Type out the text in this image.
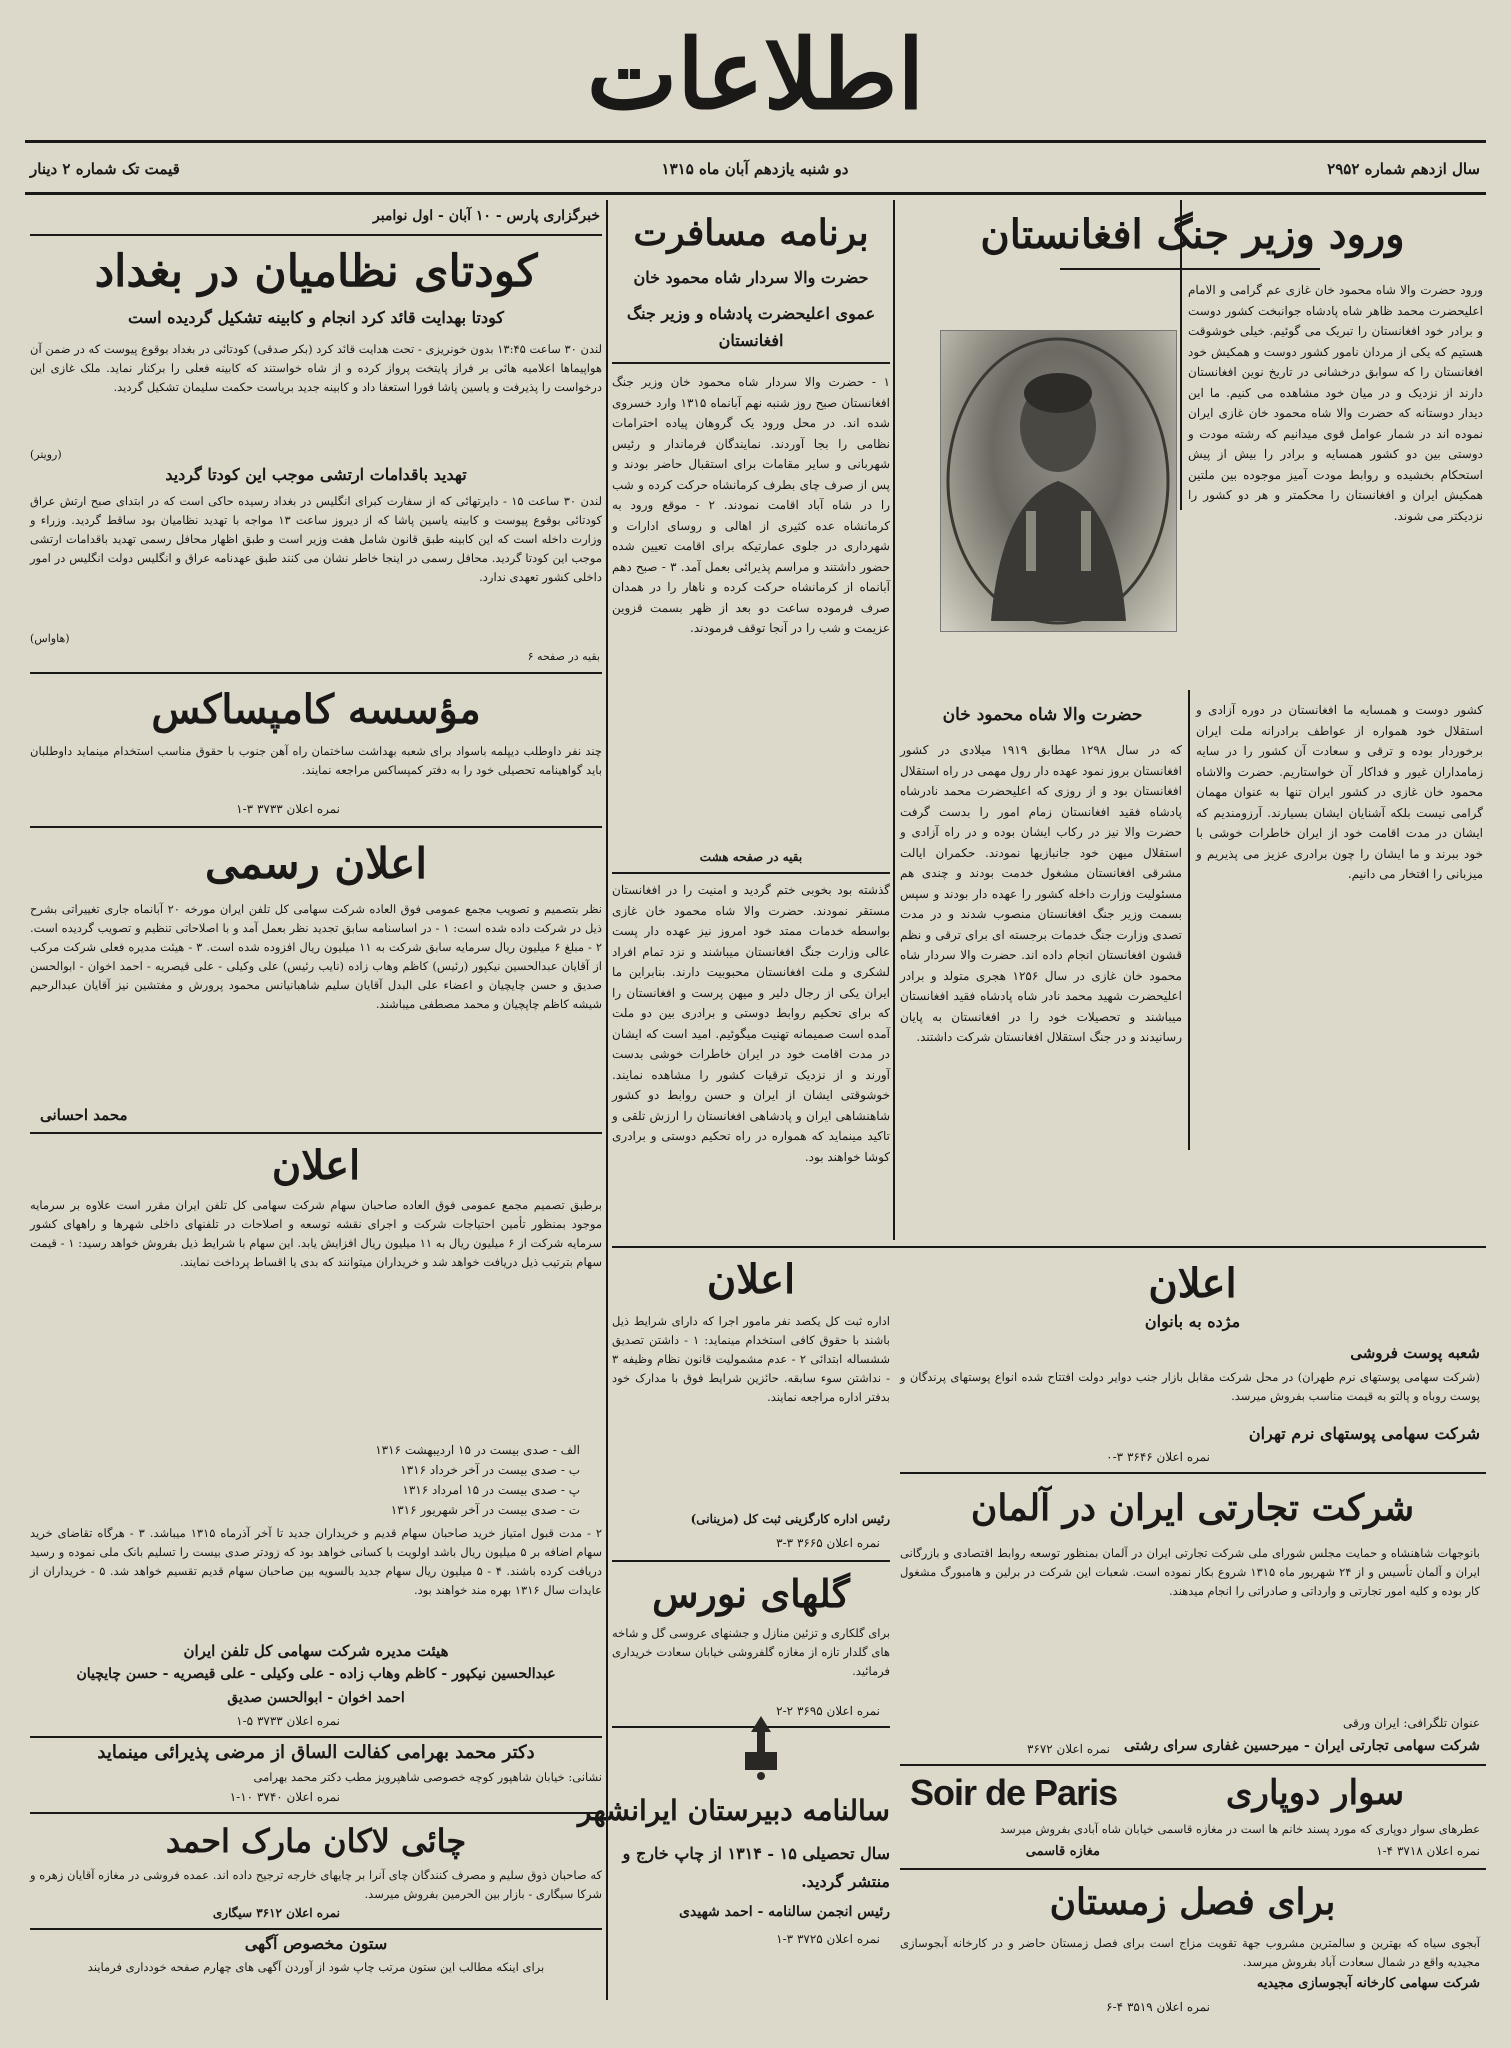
اطلاعات
سال ازدهم شماره ۲۹۵۲
دو شنبه یازدهم آبان ماه ۱۳۱۵
قیمت تک شماره ۲ دینار
ورود وزیر جنگ افغانستان
ورود حضرت والا شاه محمود خان غازی عم گرامی و الامام اعلیحضرت محمد ظاهر شاه پادشاه جوانبخت کشور دوست و برادر خود افغانستان را تبریک می گوئیم. خیلی خوشوقت هستیم که یکی از مردان نامور کشور دوست و همکیش خود افغانستان را که سوابق درخشانی در تاریخ نوین افغانستان دارند از نزدیک و در میان خود مشاهده می کنیم. ما این دیدار دوستانه که حضرت والا شاه محمود خان غازی ایران نموده اند در شمار عوامل قوی میدانیم که رشته مودت و دوستی بین دو کشور همسایه و برادر را بیش از پیش استحکام بخشیده و روابط مودت آمیز موجوده بین ملتین همکیش ایران و افغانستان را محکمتر و هر دو کشور را نزدیکتر می شوند.
حضرت والا شاه محمود خان	کشور دوست و همسایه ما افغانستان در دوره آزادی و استقلال خود همواره از عواطف برادرانه ملت ایران برخوردار بوده و ترقی و سعادت آن کشور را در سایه زمامداران غیور و فداکار آن خواستاریم. حضرت والاشاه محمود خان غازی در کشور ایران تنها به عنوان مهمان گرامی نیست بلکه آشنایان ایشان بسیارند. آرزومندیم که ایشان در مدت اقامت خود از ایران خاطرات خوشی با خود ببرند و ما ایشان را چون برادری عزیز می پذیریم و میزبانی را افتخار می دانیم.
که در سال ۱۲۹۸ مطابق ۱۹۱۹ میلادی در کشور افغانستان بروز نمود عهده دار رول مهمی در راه استقلال افغانستان بود و از روزی که اعلیحضرت محمد نادرشاه پادشاه فقید افغانستان زمام امور را بدست گرفت حضرت والا نیز در رکاب ایشان بوده و در راه آزادی و استقلال میهن خود جانبازیها نمودند. حکمران ایالت مشرقی افغانستان مشغول خدمت بودند و چندی هم مسئولیت وزارت داخله کشور را عهده دار بودند و سپس بسمت وزیر جنگ افغانستان منصوب شدند و در مدت تصدی وزارت جنگ خدمات برجسته ای برای ترقی و نظم قشون افغانستان انجام داده اند. حضرت والا سردار شاه محمود خان غازی در سال ۱۲۵۶ هجری متولد و برادر اعلیحضرت شهید محمد نادر شاه پادشاه فقید افغانستان میباشند و تحصیلات خود را در افغانستان به پایان رسانیدند و در جنگ استقلال افغانستان شرکت داشتند.
برنامه مسافرت
حضرت والا سردار شاه محمود خان
عموی اعلیحضرت پادشاه و وزیر جنگ افغانستان
۱ - حضرت والا سردار شاه محمود خان وزیر جنگ افغانستان صبح روز شنبه نهم آبانماه ۱۳۱۵ وارد خسروی شده اند. در محل ورود یک گروهان پیاده احترامات نظامی را بجا آوردند. نمایندگان فرماندار و رئیس شهربانی و سایر مقامات برای استقبال حاضر بودند و پس از صرف چای بطرف کرمانشاه حرکت کرده و شب را در شاه آباد اقامت نمودند. ۲ - موقع ورود به کرمانشاه عده کثیری از اهالی و روسای ادارات و شهرداری در جلوی عمارتیکه برای اقامت تعیین شده حضور داشتند و مراسم پذیرائی بعمل آمد. ۳ - صبح دهم آبانماه از کرمانشاه حرکت کرده و ناهار را در همدان صرف فرموده ساعت دو بعد از ظهر بسمت قزوین عزیمت و شب را در آنجا توقف فرمودند.
بقیه در صفحه هشت
گذشته بود بخوبی ختم گردید و امنیت را در افغانستان مستقر نمودند. حضرت والا شاه محمود خان غازی بواسطه خدمات ممتد خود امروز نیز عهده دار پست عالی وزارت جنگ افغانستان میباشند و نزد تمام افراد لشکری و ملت افغانستان محبوبیت دارند. بنابراین ما ایران یکی از رجال دلیر و میهن پرست و افغانستان را که برای تحکیم روابط دوستی و برادری بین دو ملت آمده است صمیمانه تهنیت میگوئیم. امید است که ایشان در مدت اقامت خود در ایران خاطرات خوشی بدست آورند و از نزدیک ترقیات کشور را مشاهده نمایند. خوشوقتی ایشان از ایران و حسن روابط دو کشور شاهنشاهی ایران و پادشاهی افغانستان را ارزش تلقی و تاکید مینماید که همواره در راه تحکیم دوستی و برادری کوشا خواهند بود.
خبرگزاری پارس - ۱۰ آبان - اول نوامبر
کودتای نظامیان در بغداد
کودتا بهدایت قائد کرد انجام و کابینه تشکیل گردیده است
لندن ۳۰ ساعت ۱۳:۴۵ بدون خونریزی - تحت هدایت قائد کرد (بکر صدقی) کودتائی در بغداد بوقوع پیوست که در ضمن آن هواپیماها اعلامیه هائی بر فراز پایتخت پرواز کرده و از شاه خواستند که کابینه فعلی را برکنار نماید. ملک غازی این درخواست را پذیرفت و یاسین پاشا فورا استعفا داد و کابینه جدید بریاست حکمت سلیمان تشکیل گردید.
(رویتر)
تهدید باقدامات ارتشی موجب این کودتا گردید
لندن ۳۰ ساعت ۱۵ - دایرتهائی که از سفارت کبرای انگلیس در بغداد رسیده حاکی است که در ابتدای صبح ارتش عراق کودتائی بوقوع پیوست و کابینه یاسین پاشا که از دیروز ساعت ۱۳ مواجه با تهدید نظامیان بود ساقط گردید. وزراء و وزارت داخله است که این کابینه طبق قانون شامل هفت وزیر است و طبق اظهار محافل رسمی تهدید باقدامات ارتشی موجب این کودتا گردید. محافل رسمی در اینجا خاطر نشان می کنند طبق عهدنامه عراق و انگلیس دولت انگلیس در امور داخلی کشور تعهدی ندارد.
(هاواس)
بقیه در صفحه ۶
مؤسسه کامپساکس
چند نفر داوطلب دیپلمه باسواد برای شعبه بهداشت ساختمان راه آهن جنوب با حقوق مناسب استخدام مینماید داوطلبان باید گواهینامه تحصیلی خود را به دفتر کمپساکس مراجعه نمایند.
نمره اعلان ۳۷۳۳ ۳-۱
اعلان رسمی
نظر بتصمیم و تصویب مجمع عمومی فوق العاده شرکت سهامی کل تلفن ایران مورخه ۲۰ آبانماه جاری تغییراتی بشرح ذیل در شرکت داده شده است: ۱ - در اساسنامه سابق تجدید نظر بعمل آمد و با اصلاحاتی تنظیم و تصویب گردیده است. ۲ - مبلغ ۶ میلیون ریال سرمایه سابق شرکت به ۱۱ میلیون ریال افزوده شده است. ۳ - هیئت مدیره فعلی شرکت مرکب از آقایان عبدالحسین نیکپور (رئیس) کاظم وهاب زاده (نایب رئیس) علی وکیلی - علی قیصریه - احمد اخوان - ابوالحسن صدیق و حسن چایچیان و اعضاء علی البدل آقایان سلیم شاهبانیانس محمود پرورش و مفتشین نیز آقایان عبدالرحیم شیشه کاظم چاپچیان و محمد مصطفی میباشند.
محمد احسانی
اعلان
برطبق تصمیم مجمع عمومی فوق العاده صاحبان سهام شرکت سهامی کل تلفن ایران مقرر است علاوه بر سرمایه موجود بمنظور تأمین احتیاجات شرکت و اجرای نقشه توسعه و اصلاحات در تلفنهای داخلی شهرها و راههای کشور سرمایه شرکت از ۶ میلیون ریال به ۱۱ میلیون ریال افزایش یابد. این سهام با شرایط ذیل بفروش خواهد رسید: ۱ - قیمت سهام بترتیب ذیل دریافت خواهد شد و خریداران میتوانند که بدی یا اقساط پرداخت نمایند.
الف - صدی بیست در ۱۵ اردیبهشت ۱۳۱۶
ب - صدی بیست در آخر خرداد ۱۳۱۶
پ - صدی بیست در ۱۵ امرداد ۱۳۱۶
ت - صدی بیست در آخر شهریور ۱۳۱۶
۲ - مدت قبول امتیاز خرید صاحبان سهام قدیم و خریداران جدید تا آخر آذرماه ۱۳۱۵ میباشد. ۳ - هرگاه تقاضای خرید سهام اضافه بر ۵ میلیون ریال باشد اولویت با کسانی خواهد بود که زودتر صدی بیست را تسلیم بانک ملی نموده و رسید دریافت کرده باشند. ۴ - ۵ میلیون ریال سهام جدید بالسویه بین صاحبان سهام قدیم تقسیم خواهد شد. ۵ - خریداران از عایدات سال ۱۳۱۶ بهره مند خواهند بود.
هیئت مدیره شرکت سهامی کل تلفن ایران
عبدالحسین نیکپور - کاظم وهاب زاده - علی وکیلی - علی قیصریه - حسن چایچیان
احمد اخوان - ابوالحسن صدیق
نمره اعلان ۳۷۳۳ ۵-۱
دکتر محمد بهرامی کفالت الساق از مرضی پذیرائی مینماید
نشانی: خیابان شاهپور کوچه خصوصی شاهپرویز مطب دکتر محمد بهرامی
نمره اعلان ۳۷۴۰ ۱۰-۱
چائی لاکان مارک احمد
که صاحبان ذوق سلیم و مصرف کنندگان چای آنرا بر چایهای خارجه ترجیح داده اند. عمده فروشی در مغازه آقایان زهره و شرکا سیگاری - بازار بین الحرمین بفروش میرسد.
نمره اعلان ۳۶۱۲ سیگاری
ستون مخصوص آگهی
برای اینکه مطالب این ستون مرتب چاپ شود از آوردن آگهی های چهارم صفحه خودداری فرمایند
اعلان
اداره ثبت کل یکصد نفر مامور اجرا که دارای شرایط ذیل باشند با حقوق کافی استخدام مینماید: ۱ - داشتن تصدیق ششساله ابتدائی ۲ - عدم مشمولیت قانون نظام وظیفه ۳ - نداشتن سوء سابقه. حائزین شرایط فوق با مدارک خود بدفتر اداره مراجعه نمایند.
رئیس اداره کارگزینی ثبت کل (مزینانی)
نمره اعلان ۳۶۶۵ ۳-۳
گلهای نورس
برای گلکاری و تزئین منازل و جشنهای عروسی گل و شاخه های گلدار تازه از مغازه گلفروشی خیابان سعادت خریداری فرمائید.
نمره اعلان ۳۶۹۵ ۲-۲
سالنامه دبیرستان ایرانشهر
سال تحصیلی ۱۵ - ۱۳۱۴ از چاپ خارج و منتشر گردید.
رئیس انجمن سالنامه - احمد شهیدی
نمره اعلان ۳۷۲۵ ۳-۱
اعلان
مژده به بانوان
شعبه پوست فروشی
(شرکت سهامی پوستهای نرم طهران) در محل شرکت مقابل بازار جنب دوایر دولت افتتاح شده انواع پوستهای پرندگان و پوست روباه و پالتو به قیمت مناسب بفروش میرسد.
شرکت سهامی پوستهای نرم تهران
نمره اعلان ۳۶۴۶ ۳-۰
شرکت تجارتی ایران در آلمان
بانوجهات شاهنشاه و حمایت مجلس شورای ملی شرکت تجارتی ایران در آلمان بمنظور توسعه روابط اقتصادی و بازرگانی ایران و آلمان تأسیس و از ۲۴ شهریور ماه ۱۳۱۵ شروع بکار نموده است. شعبات این شرکت در برلین و هامبورگ مشغول کار بوده و کلیه امور تجارتی و وارداتی و صادراتی را انجام میدهند.
عنوان تلگرافی: ایران ورقی
شرکت سهامی تجارتی ایران - میرحسین غفاری سرای رشتی
نمره اعلان ۳۶۷۲
Soir de Paris	سوار دوپاری
عطرهای سوار دوپاری که مورد پسند خانم ها است در مغازه قاسمی خیابان شاه آبادی بفروش میرسد
مغازه قاسمی	نمره اعلان ۳۷۱۸ ۴-۱
برای فصل زمستان
آبجوی سیاه که بهترین و سالمترین مشروب جهة تقویت مزاج است برای فصل زمستان حاضر و در کارخانه آبجوسازی مجیدیه واقع در شمال سعادت آباد بفروش میرسد.
شرکت سهامی کارخانه آبجوسازی مجیدیه
نمره اعلان ۳۵۱۹ ۴-۶
